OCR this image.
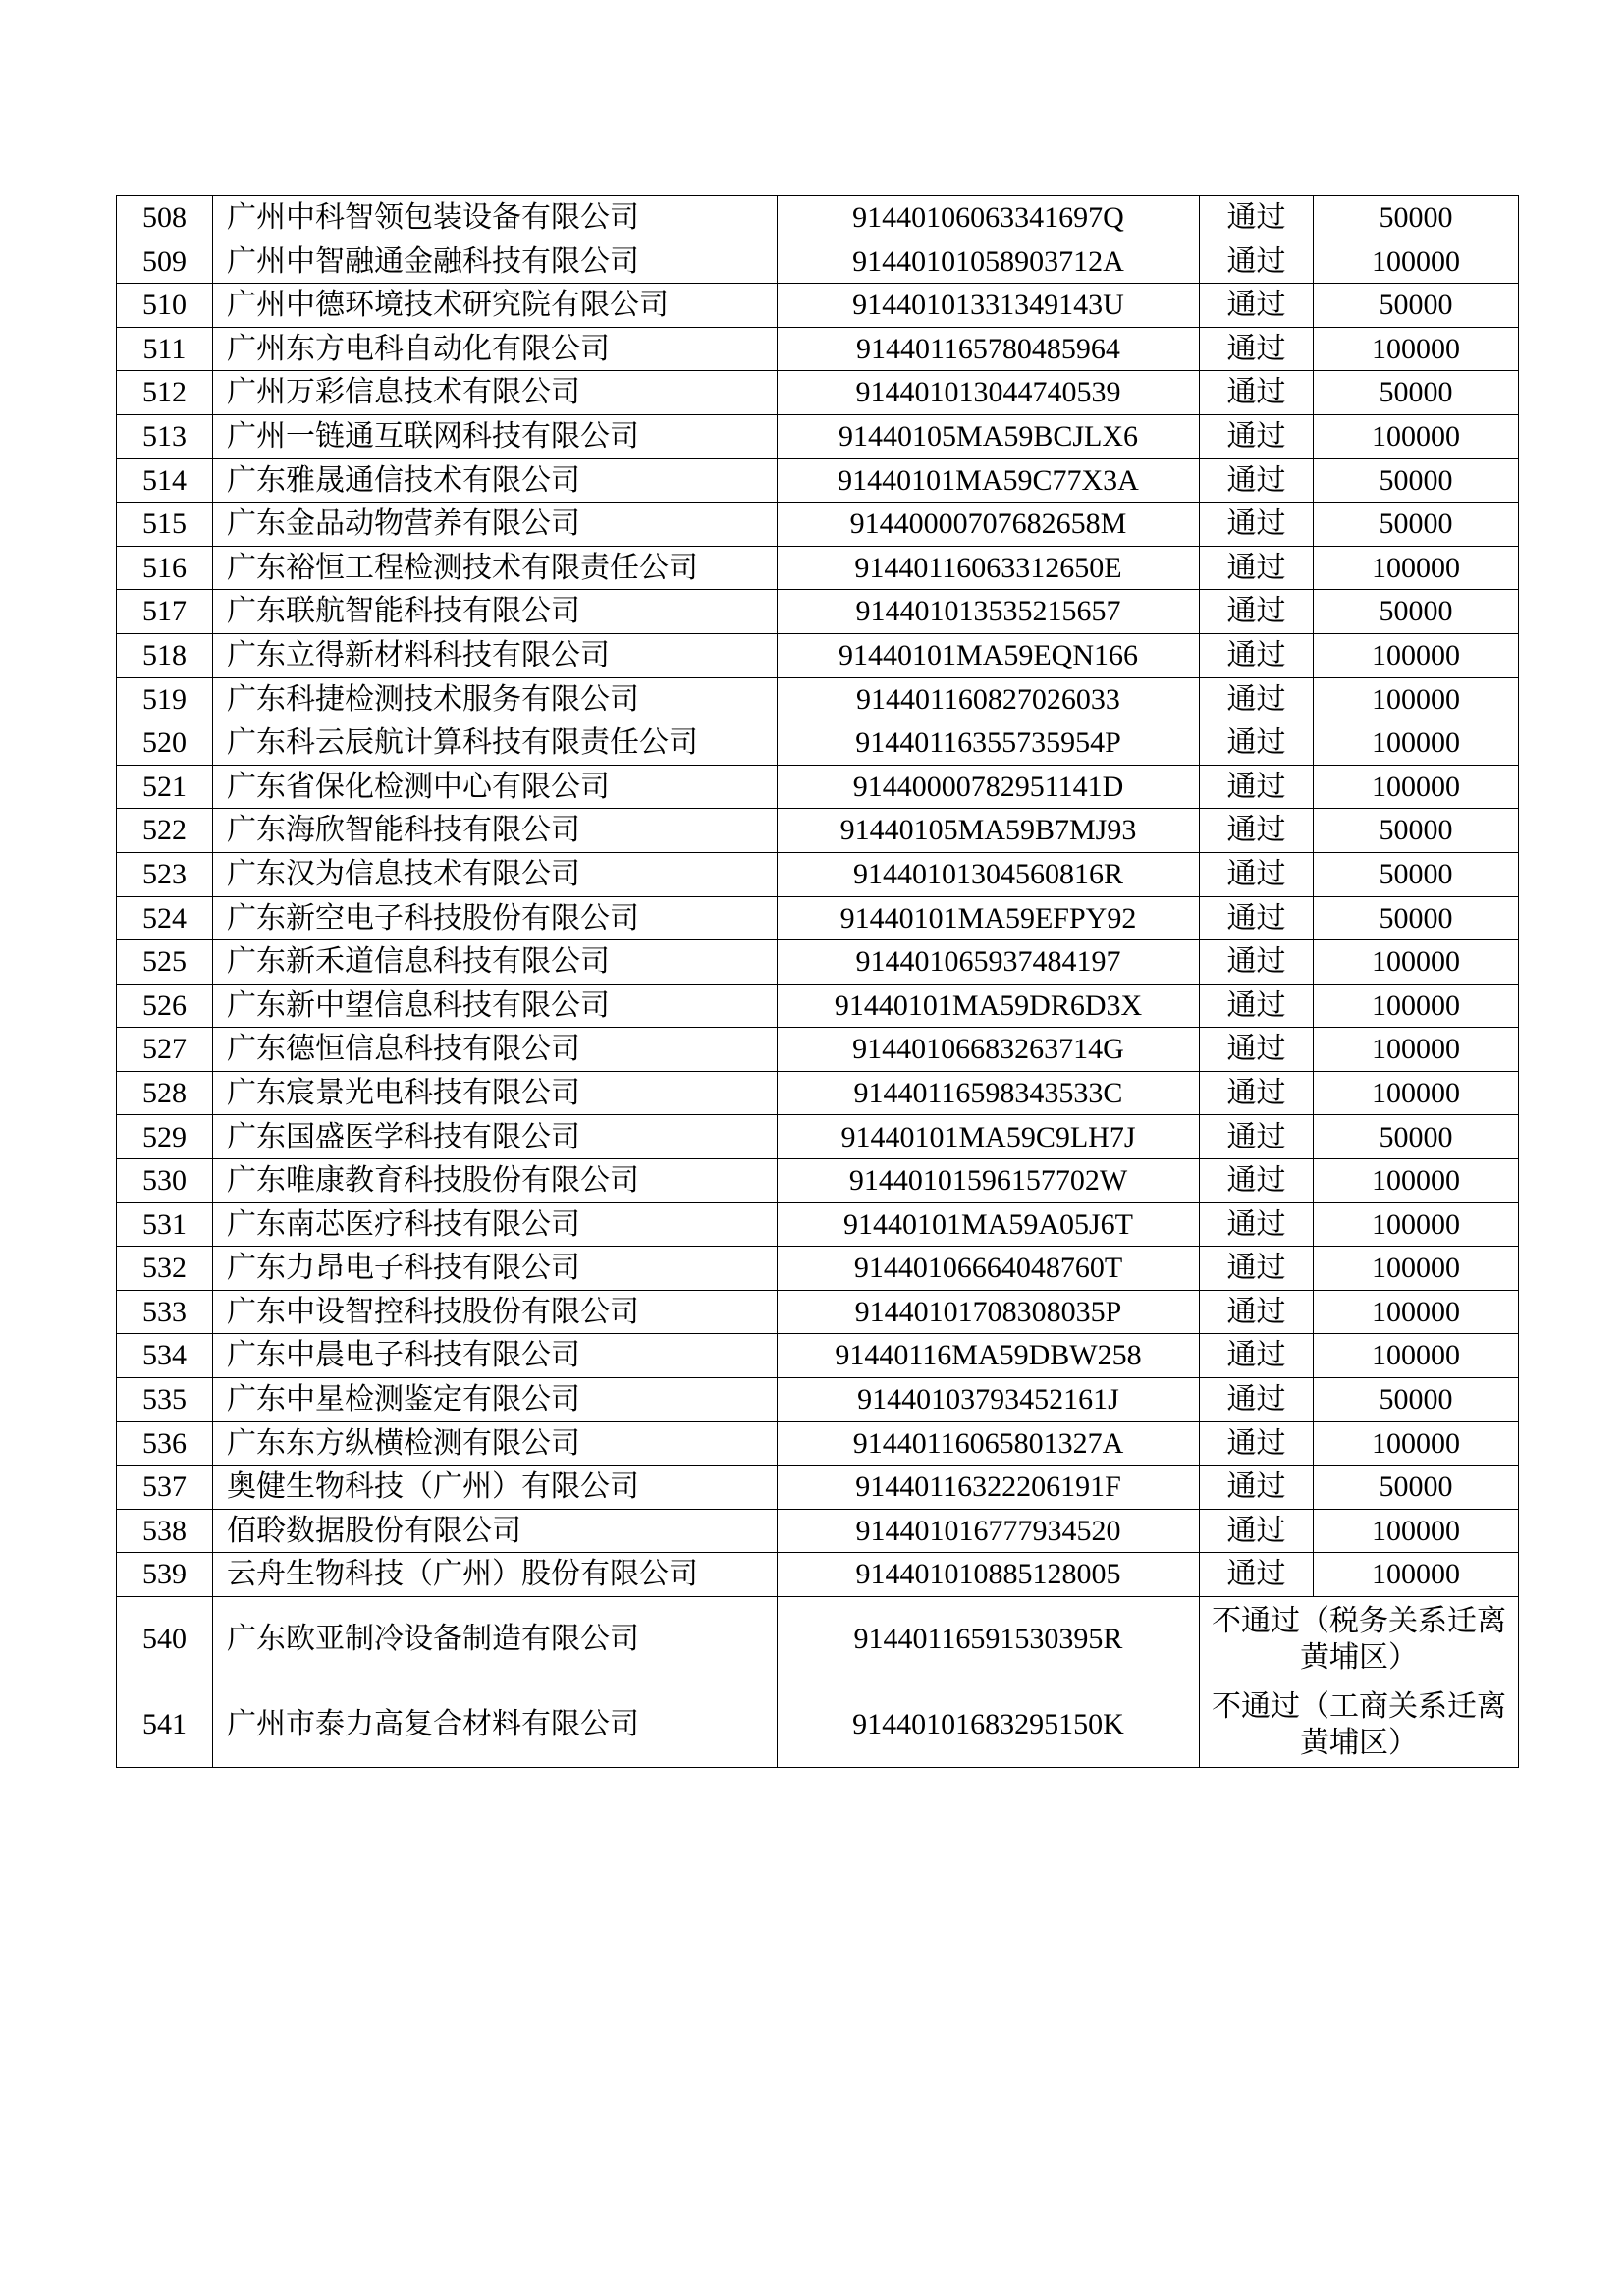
508	广州中科智领包装设备有限公司	91440106063341697Q	通过	50000
509	广州中智融通金融科技有限公司	91440101058903712A	通过	100000
510	广州中德环境技术研究院有限公司	91440101331349143U	通过	50000
511	广州东方电科自动化有限公司	914401165780485964	通过	100000
512	广州万彩信息技术有限公司	914401013044740539	通过	50000
513	广州一链通互联网科技有限公司	91440105MA59BCJLX6	通过	100000
514	广东雅晟通信技术有限公司	91440101MA59C77X3A	通过	50000
515	广东金品动物营养有限公司	91440000707682658M	通过	50000
516	广东裕恒工程检测技术有限责任公司	91440116063312650E	通过	100000
517	广东联航智能科技有限公司	914401013535215657	通过	50000
518	广东立得新材料科技有限公司	91440101MA59EQN166	通过	100000
519	广东科捷检测技术服务有限公司	914401160827026033	通过	100000
520	广东科云辰航计算科技有限责任公司	91440116355735954P	通过	100000
521	广东省保化检测中心有限公司	91440000782951141D	通过	100000
522	广东海欣智能科技有限公司	91440105MA59B7MJ93	通过	50000
523	广东汉为信息技术有限公司	91440101304560816R	通过	50000
524	广东新空电子科技股份有限公司	91440101MA59EFPY92	通过	50000
525	广东新禾道信息科技有限公司	914401065937484197	通过	100000
526	广东新中望信息科技有限公司	91440101MA59DR6D3X	通过	100000
527	广东德恒信息科技有限公司	91440106683263714G	通过	100000
528	广东宸景光电科技有限公司	91440116598343533C	通过	100000
529	广东国盛医学科技有限公司	91440101MA59C9LH7J	通过	50000
530	广东唯康教育科技股份有限公司	91440101596157702W	通过	100000
531	广东南芯医疗科技有限公司	91440101MA59A05J6T	通过	100000
532	广东力昂电子科技有限公司	91440106664048760T	通过	100000
533	广东中设智控科技股份有限公司	91440101708308035P	通过	100000
534	广东中晨电子科技有限公司	91440116MA59DBW258	通过	100000
535	广东中星检测鉴定有限公司	91440103793452161J	通过	50000
536	广东东方纵横检测有限公司	91440116065801327A	通过	100000
537	奥健生物科技（广州）有限公司	91440116322206191F	通过	50000
538	佰聆数据股份有限公司	914401016777934520	通过	100000
539	云舟生物科技（广州）股份有限公司	914401010885128005	通过	100000
540	广东欧亚制冷设备制造有限公司	91440116591530395R	不通过（税务关系迁离黄埔区）	
541	广州市泰力高复合材料有限公司	91440101683295150K	不通过（工商关系迁离黄埔区）	
